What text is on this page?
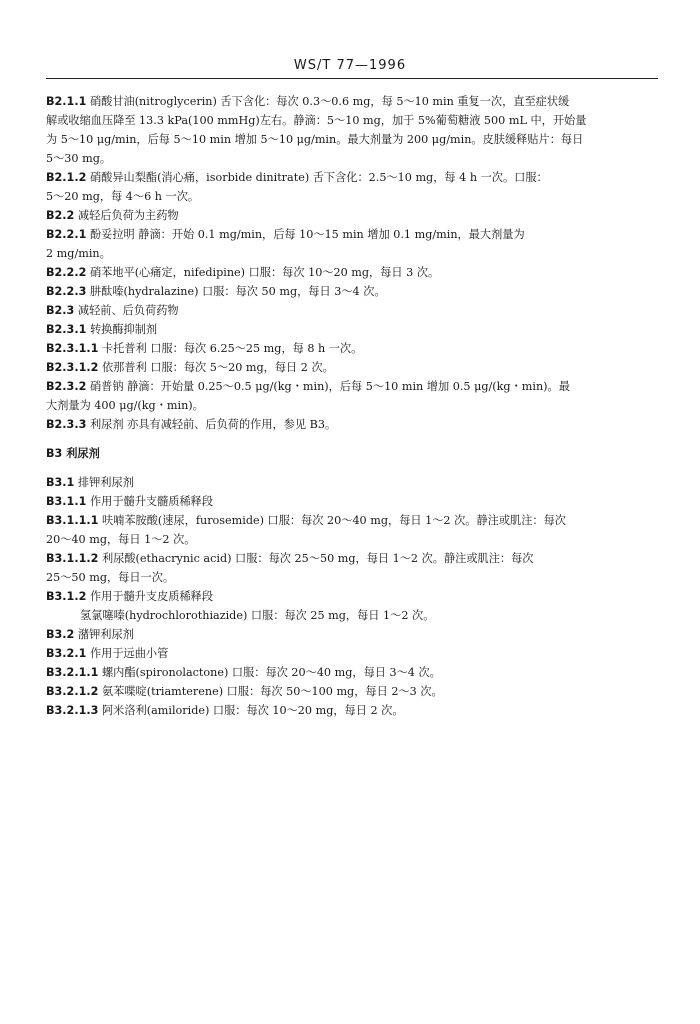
WS/T 77—1996
B2.1.1 硝酸甘油(nitroglycerin) 舌下含化：每次 0.3～0.6 mg，每 5～10 min 重复一次，直至症状缓
解或收缩血压降至 13.3 kPa(100 mmHg)左右。静滴：5～10 mg，加于 5%葡萄糖液 500 mL 中，开始量
为 5～10 μg/min，后每 5～10 min 增加 5～10 μg/min。最大剂量为 200 μg/min。皮肤缓释贴片：每日
5～30 mg。
B2.1.2 硝酸异山梨酯(消心痛，isorbide dinitrate) 舌下含化：2.5～10 mg，每 4 h 一次。口服：
5～20 mg，每 4～6 h 一次。
B2.2 减轻后负荷为主药物
B2.2.1 酚妥拉明 静滴：开始 0.1 mg/min，后每 10～15 min 增加 0.1 mg/min，最大剂量为
2 mg/min。
B2.2.2 硝苯地平(心痛定，nifedipine) 口服：每次 10～20 mg，每日 3 次。
B2.2.3 肼酞嗪(hydralazine) 口服：每次 50 mg，每日 3～4 次。
B2.3 减轻前、后负荷药物
B2.3.1 转换酶抑制剂
B2.3.1.1 卡托普利 口服：每次 6.25～25 mg，每 8 h 一次。
B2.3.1.2 依那普利 口服：每次 5～20 mg，每日 2 次。
B2.3.2 硝普钠 静滴：开始量 0.25～0.5 μg/(kg・min)，后每 5～10 min 增加 0.5 μg/(kg・min)。最
大剂量为 400 μg/(kg・min)。
B2.3.3 利尿剂 亦具有减轻前、后负荷的作用，参见 B3。
B3 利尿剂
B3.1 排钾利尿剂
B3.1.1 作用于髓升支髓质稀释段
B3.1.1.1 呋喃苯胺酸(速尿，furosemide) 口服：每次 20～40 mg，每日 1～2 次。静注或肌注：每次
20～40 mg，每日 1～2 次。
B3.1.1.2 利尿酸(ethacrynic acid) 口服：每次 25～50 mg，每日 1～2 次。静注或肌注：每次
25～50 mg，每日一次。
B3.1.2 作用于髓升支皮质稀释段
氢氯噻嗪(hydrochlorothiazide) 口服：每次 25 mg，每日 1～2 次。
B3.2 潴钾利尿剂
B3.2.1 作用于远曲小管
B3.2.1.1 螺内酯(spironolactone) 口服：每次 20～40 mg，每日 3～4 次。
B3.2.1.2 氨苯喋啶(triamterene) 口服：每次 50～100 mg，每日 2～3 次。
B3.2.1.3 阿米洛利(amiloride) 口服：每次 10～20 mg，每日 2 次。
